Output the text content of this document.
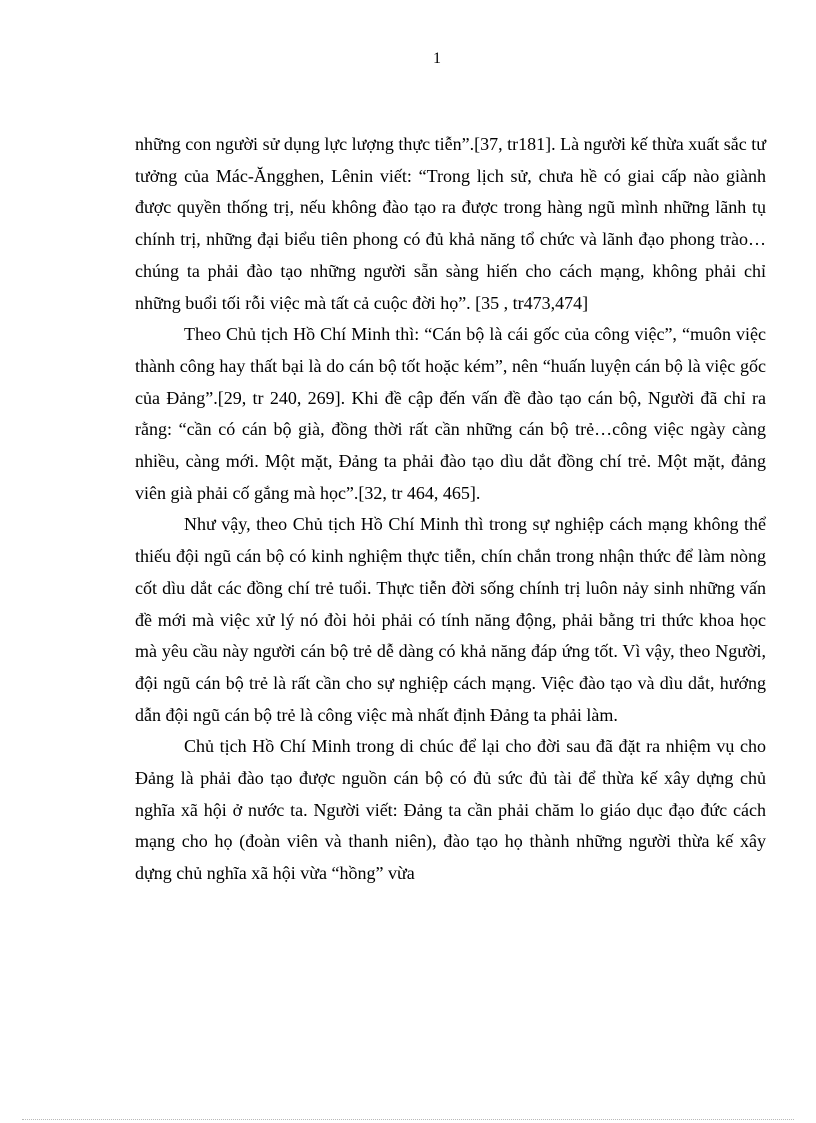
1

những con người sử dụng lực lượng thực tiễn”.[37, tr181]. Là người kế thừa xuất sắc tư tưởng của Mác-Ăngghen, Lênin viết: “Trong lịch sử, chưa hề có giai cấp nào giành được quyền thống trị, nếu không đào tạo ra được trong hàng ngũ mình những lãnh tụ chính trị, những đại biểu tiên phong có đủ khả năng tổ chức và lãnh đạo phong trào…chúng ta phải đào tạo những người sẵn sàng hiến cho cách mạng, không phải chỉ những buổi tối rỗi việc mà tất cả cuộc đời họ”. [35 , tr473,474]

Theo Chủ tịch Hồ Chí Minh thì: “Cán bộ là cái gốc của công việc”, “muôn việc thành công hay thất bại là do cán bộ tốt hoặc kém”, nên “huấn luyện cán bộ là việc gốc của Đảng”.[29, tr 240, 269]. Khi đề cập đến vấn đề đào tạo cán bộ, Người đã chỉ ra rằng: “cần có cán bộ già, đồng thời rất cần những cán bộ trẻ…công việc ngày càng nhiều, càng mới. Một mặt, Đảng ta phải đào tạo dìu dắt đồng chí trẻ. Một mặt, đảng viên già phải cố gắng mà học”.[32, tr 464, 465].

Như vậy, theo Chủ tịch Hồ Chí Minh thì trong sự nghiệp cách mạng không thể thiếu đội ngũ cán bộ có kinh nghiệm thực tiễn, chín chắn trong nhận thức để làm nòng cốt dìu dắt các đồng chí trẻ tuổi. Thực tiễn đời sống chính trị luôn nảy sinh những vấn đề mới mà việc xử lý nó đòi hỏi phải có tính năng động, phải bằng tri thức khoa học mà yêu cầu này người cán bộ trẻ dễ dàng có khả năng đáp ứng tốt. Vì vậy, theo Người, đội ngũ cán bộ trẻ là rất cần cho sự nghiệp cách mạng. Việc đào tạo và dìu dắt, hướng dẫn đội ngũ cán bộ trẻ là công việc mà nhất định Đảng ta phải làm.

Chủ tịch Hồ Chí Minh trong di chúc để lại cho đời sau đã đặt ra nhiệm vụ cho Đảng là phải đào tạo được nguồn cán bộ có đủ sức đủ tài để thừa kế xây dựng chủ nghĩa xã hội ở nước ta. Người viết: Đảng ta cần phải chăm lo giáo dục đạo đức cách mạng cho họ (đoàn viên và thanh niên), đào tạo họ thành những người thừa kế xây dựng chủ nghĩa xã hội vừa “hồng” vừa
